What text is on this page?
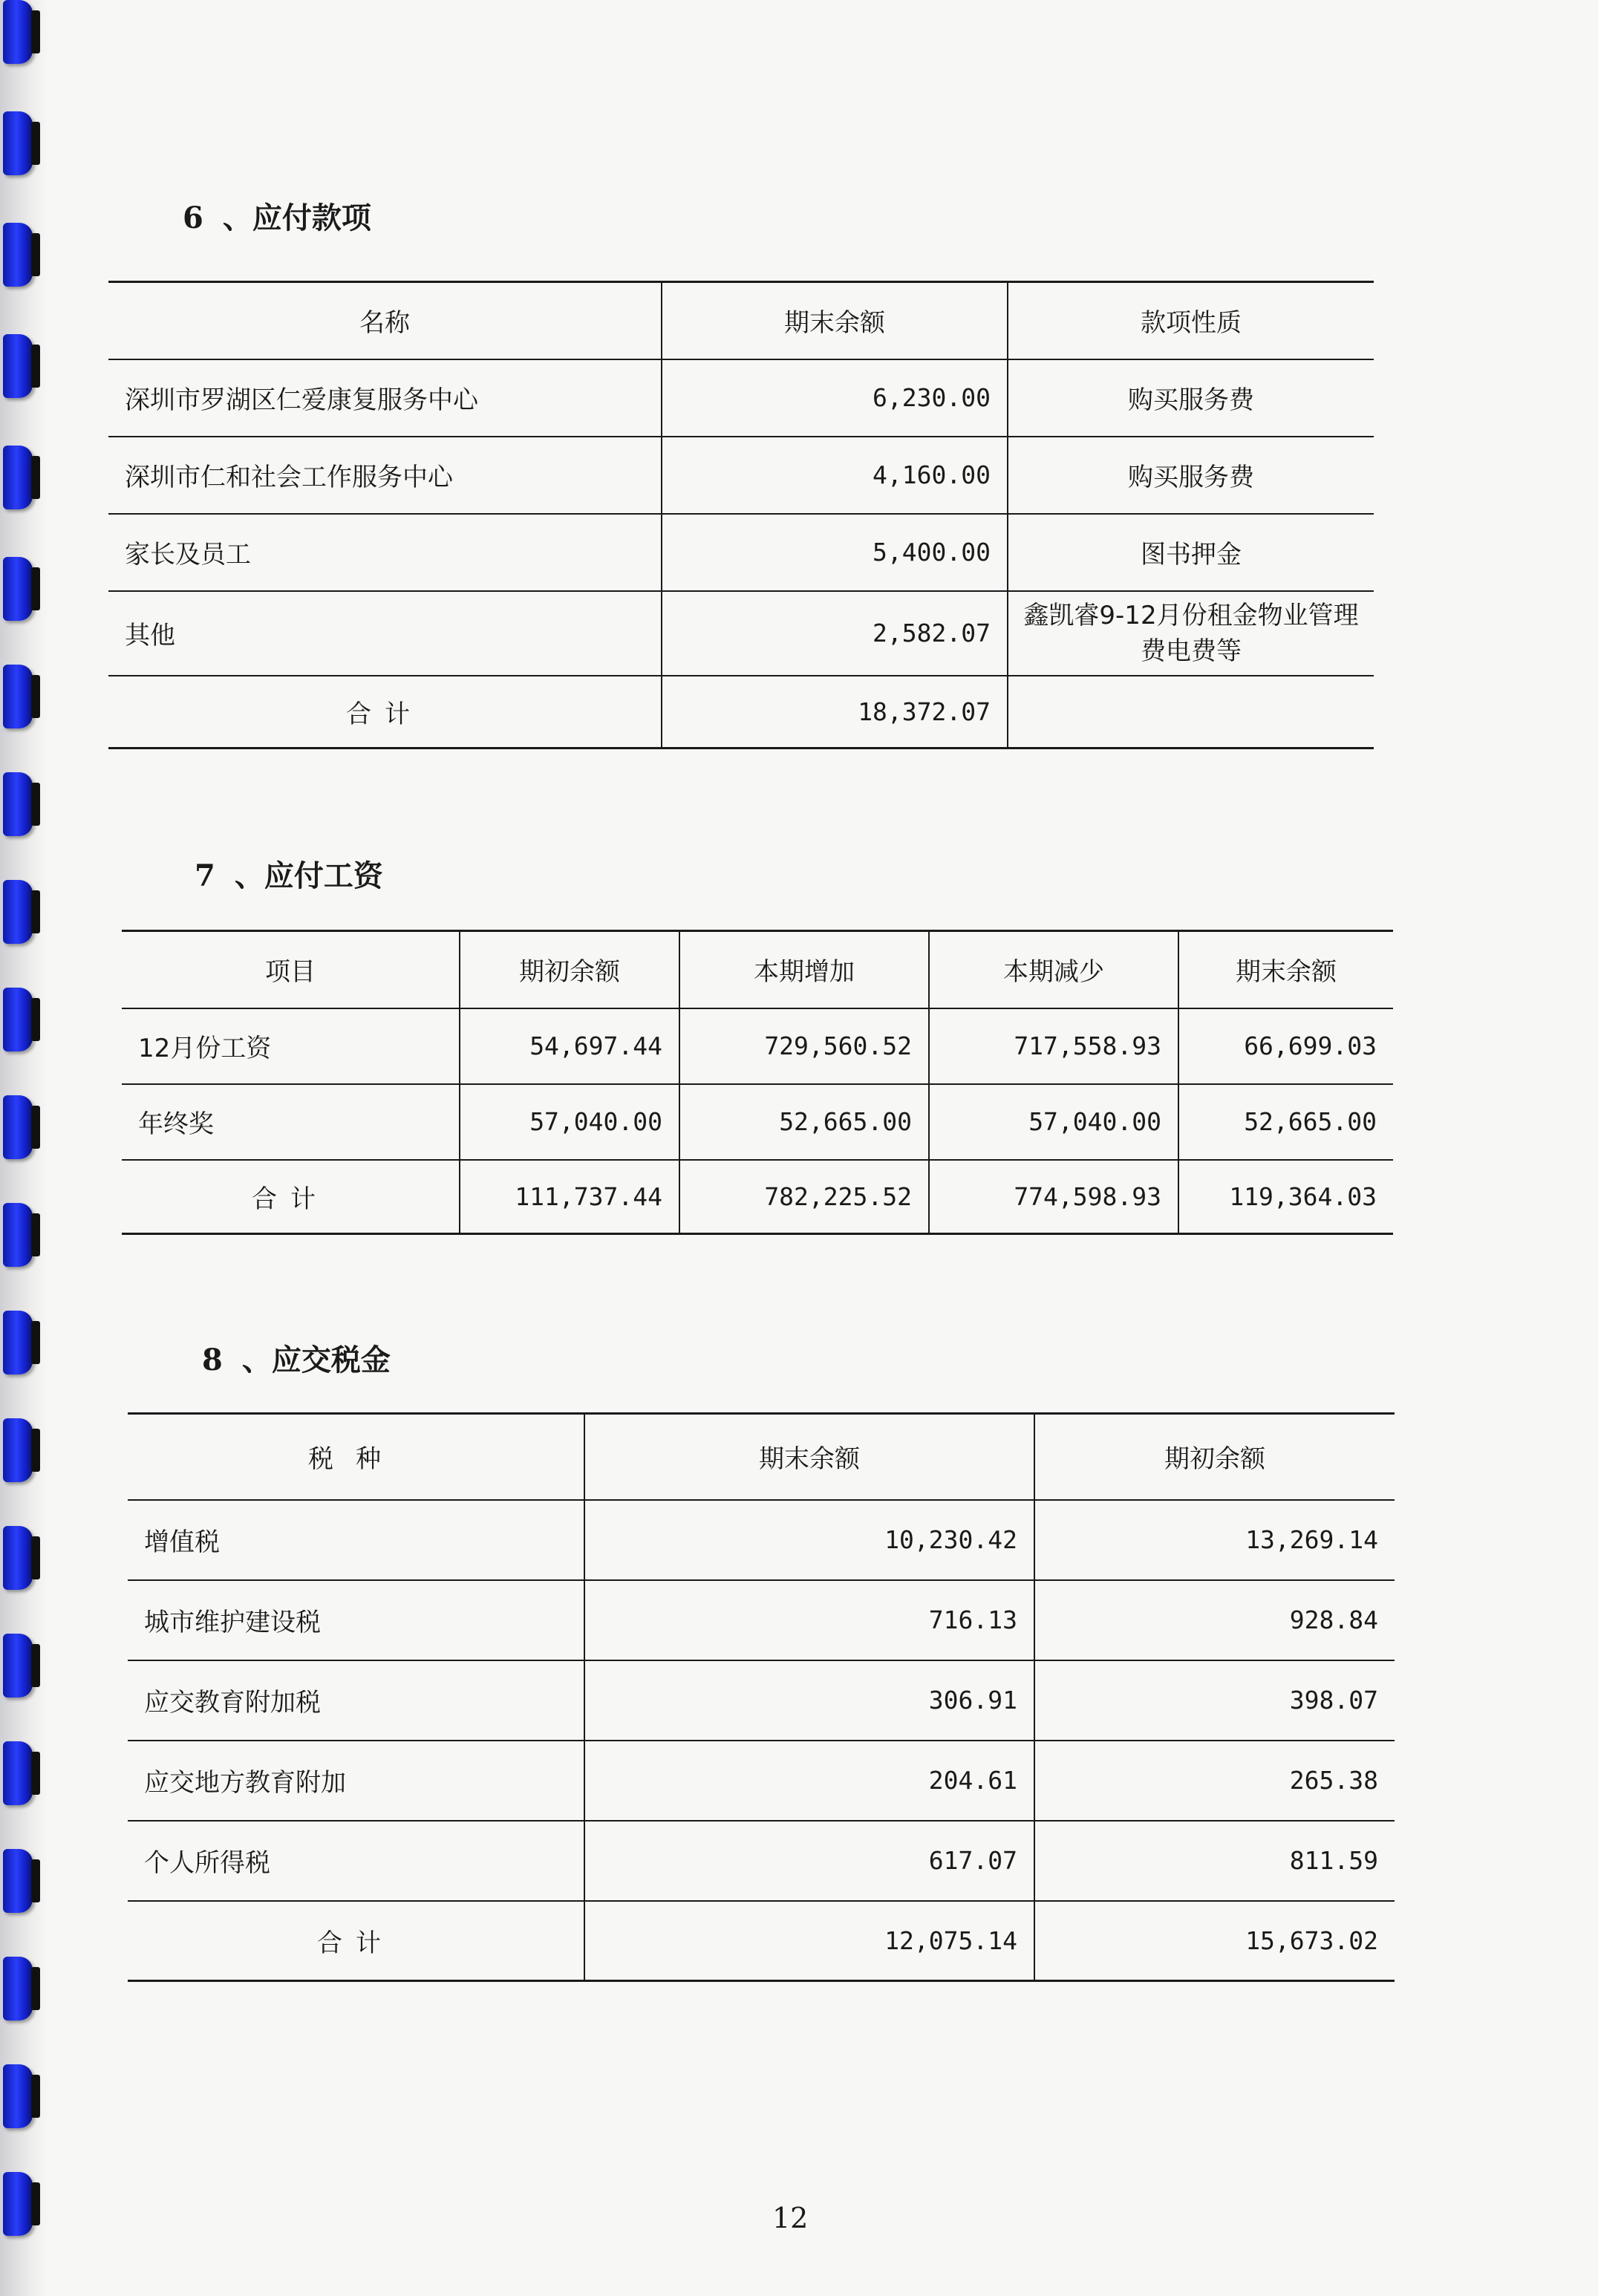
6 、应付款项
名称	期末余额	款项性质
深圳市罗湖区仁爱康复服务中心	6,230.00	购买服务费
深圳市仁和社会工作服务中心	4,160.00	购买服务费
家长及员工	5,400.00	图书押金
其他	2,582.07	鑫凯睿9-12月份租金物业管理费电费等
合计	18,372.07	
7 、应付工资
项目	期初余额	本期增加	本期减少	期末余额
12月份工资	54,697.44	729,560.52	717,558.93	66,699.03
年终奖	57,040.00	52,665.00	57,040.00	52,665.00
合计	111,737.44	782,225.52	774,598.93	119,364.03
8 、应交税金
税种	期末余额	期初余额
增值税	10,230.42	13,269.14
城市维护建设税	716.13	928.84
应交教育附加税	306.91	398.07
应交地方教育附加	204.61	265.38
个人所得税	617.07	811.59
合计	12,075.14	15,673.02
12
